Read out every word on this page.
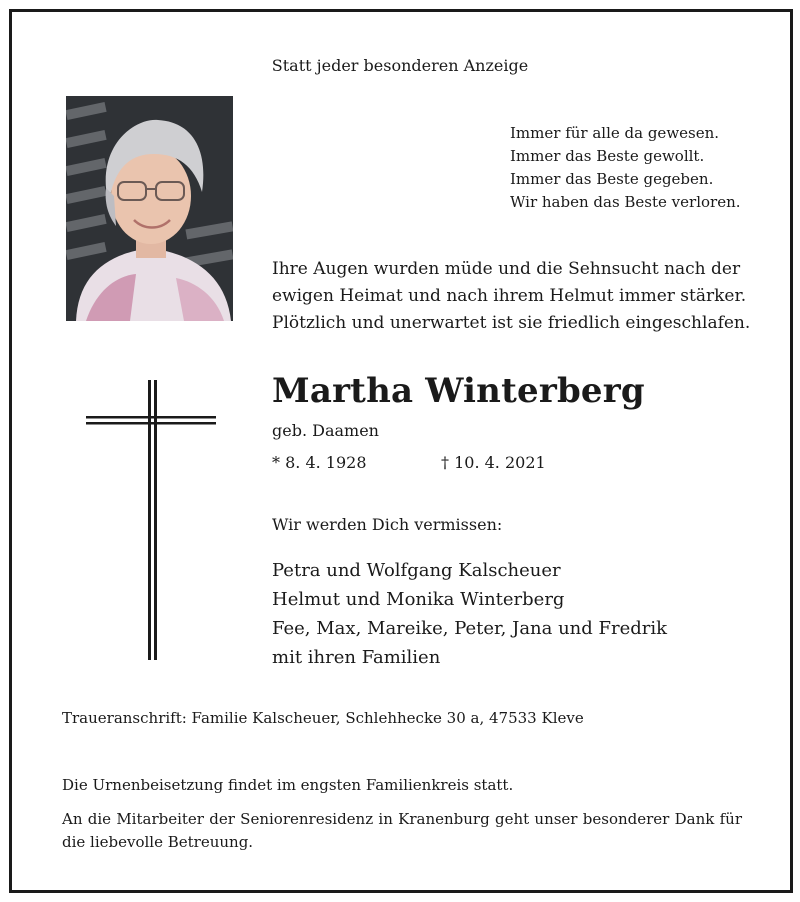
Statt jeder besonderen Anzeige
Immer für alle da gewesen.
Immer das Beste gewollt.
Immer das Beste gegeben.
Wir haben das Beste verloren.
Ihre Augen wurden müde und die Sehnsucht nach der
ewigen Heimat und nach ihrem Helmut immer stärker.
Plötzlich und unerwartet ist sie friedlich eingeschlafen.
Martha Winterberg
geb. Daamen
* 8. 4. 1928	† 10. 4. 2021
Wir werden Dich vermissen:
Petra und Wolfgang Kalscheuer
Helmut und Monika Winterberg
Fee, Max, Mareike, Peter, Jana und Fredrik
mit ihren Familien
Traueranschrift: Familie Kalscheuer, Schlehhecke 30 a, 47533 Kleve
Die Urnenbeisetzung findet im engsten Familienkreis statt.
An die Mitarbeiter der Seniorenresidenz in Kranenburg geht unser besonderer Dank für die liebevolle Betreuung.
